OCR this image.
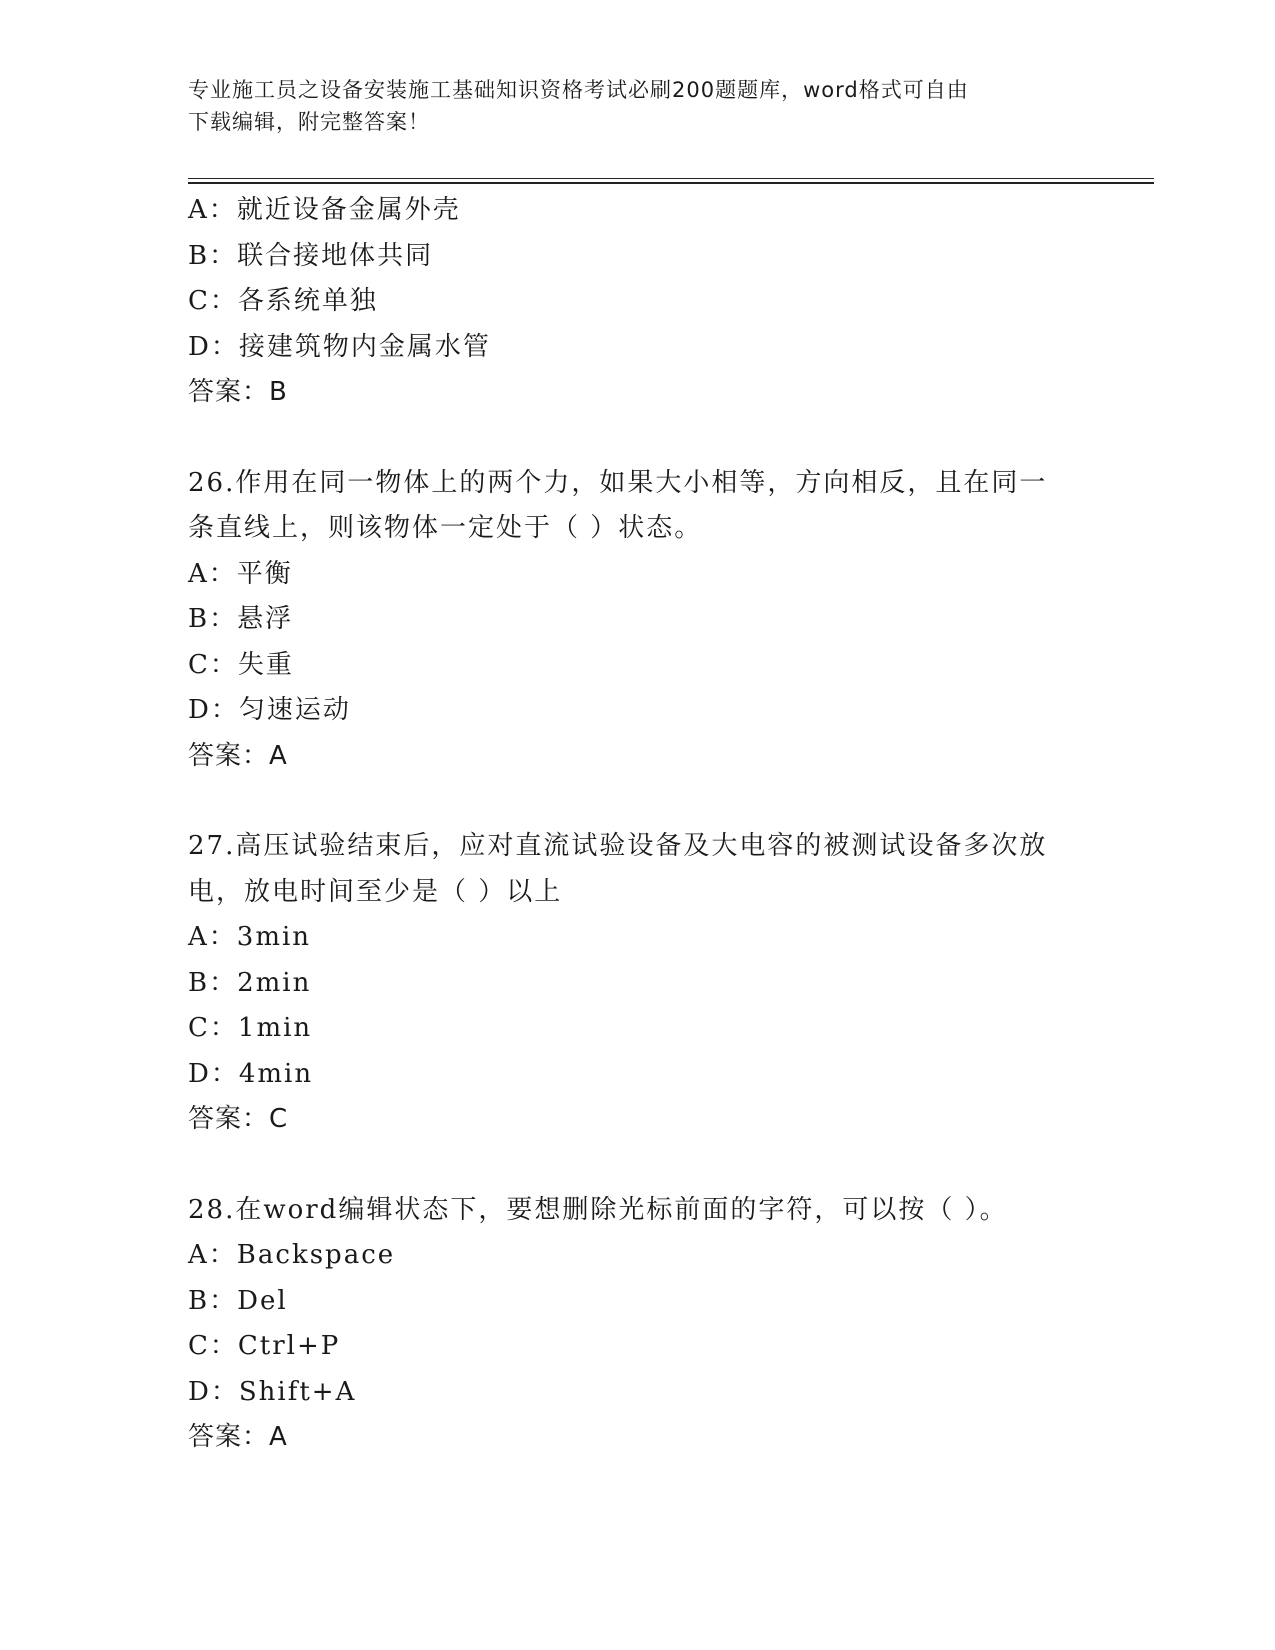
专业施工员之设备安装施工基础知识资格考试必刷200题题库，word格式可自由
下载编辑，附完整答案！
A：就近设备金属外壳
B：联合接地体共同
C：各系统单独
D：接建筑物内金属水管
答案：B
26.作用在同一物体上的两个力，如果大小相等，方向相反，且在同一
条直线上，则该物体一定处于（ ）状态。
A：平衡
B：悬浮
C：失重
D：匀速运动
答案：A
27.高压试验结束后，应对直流试验设备及大电容的被测试设备多次放
电，放电时间至少是（ ）以上
A：3min
B：2min
C：1min
D：4min
答案：C
28.在word编辑状态下，要想删除光标前面的字符，可以按（ ）。
A：Backspace
B：Del
C：Ctrl+P
D：Shift+A
答案：A
